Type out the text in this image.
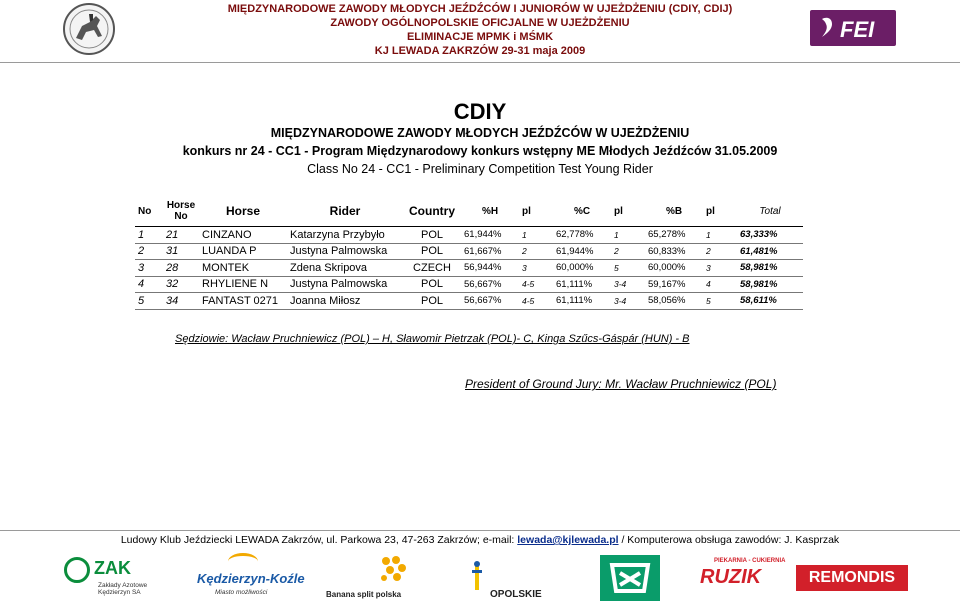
MIĘDZYNARODOWE ZAWODY MŁODYCH JEŹDŹCÓW I JUNIORÓW W UJEŻDŻENIU (CDIY, CDIJ)
ZAWODY OGÓLNOPOLSKIE OFICJALNE W UJEŻDŻENIU
ELIMINACJE MPMK i MŚMK
KJ LEWADA ZAKRZÓW 29-31 maja 2009
FEI
CDIY
MIĘDZYNARODOWE ZAWODY MŁODYCH JEŹDŹCÓW W UJEŻDŻENIU
konkurs nr 24 - CC1 - Program Międzynarodowy konkurs wstępny ME Młodych Jeźdźców 31.05.2009
Class No 24 - CC1 - Preliminary Competition Test Young Rider
No	Horse No	Horse	Rider	Country	%H	pl	%C	pl	%B	pl	Total
1	21	CINZANO	Katarzyna Przybyło	POL	61,944%	1	62,778%	1	65,278%	1	63,333%
2	31	LUANDA P	Justyna Palmowska	POL	61,667%	2	61,944%	2	60,833%	2	61,481%
3	28	MONTEK	Zdena Skripova	CZECH	56,944%	3	60,000%	5	60,000%	3	58,981%
4	32	RHYLIENE N	Justyna Palmowska	POL	56,667%	4-5	61,111%	3-4	59,167%	4	58,981%
5	34	FANTAST 0271	Joanna Miłosz	POL	56,667%	4-5	61,111%	3-4	58,056%	5	58,611%
Sędziowie: Wacław Pruchniewicz (POL) – H, Sławomir Pietrzak (POL)- C, Kinga Szűcs-Gáspár (HUN) - B
President of Ground Jury: Mr. Wacław Pruchniewicz (POL)
Ludowy Klub Jeździecki LEWADA Zakrzów, ul. Parkowa 23, 47-263 Zakrzów; e-mail: lewada@kjlewada.pl / Komputerowa obsługa zawodów: J. Kasprzak
ZAK
Zakłady Azotowe Kędzierzyn SA
Kędzierzyn-Koźle
Miasto możliwości	Banana split polska	OPOLSKIE
PIEKARNIA - CUKIERNIA
RUZIK	REMONDIS
